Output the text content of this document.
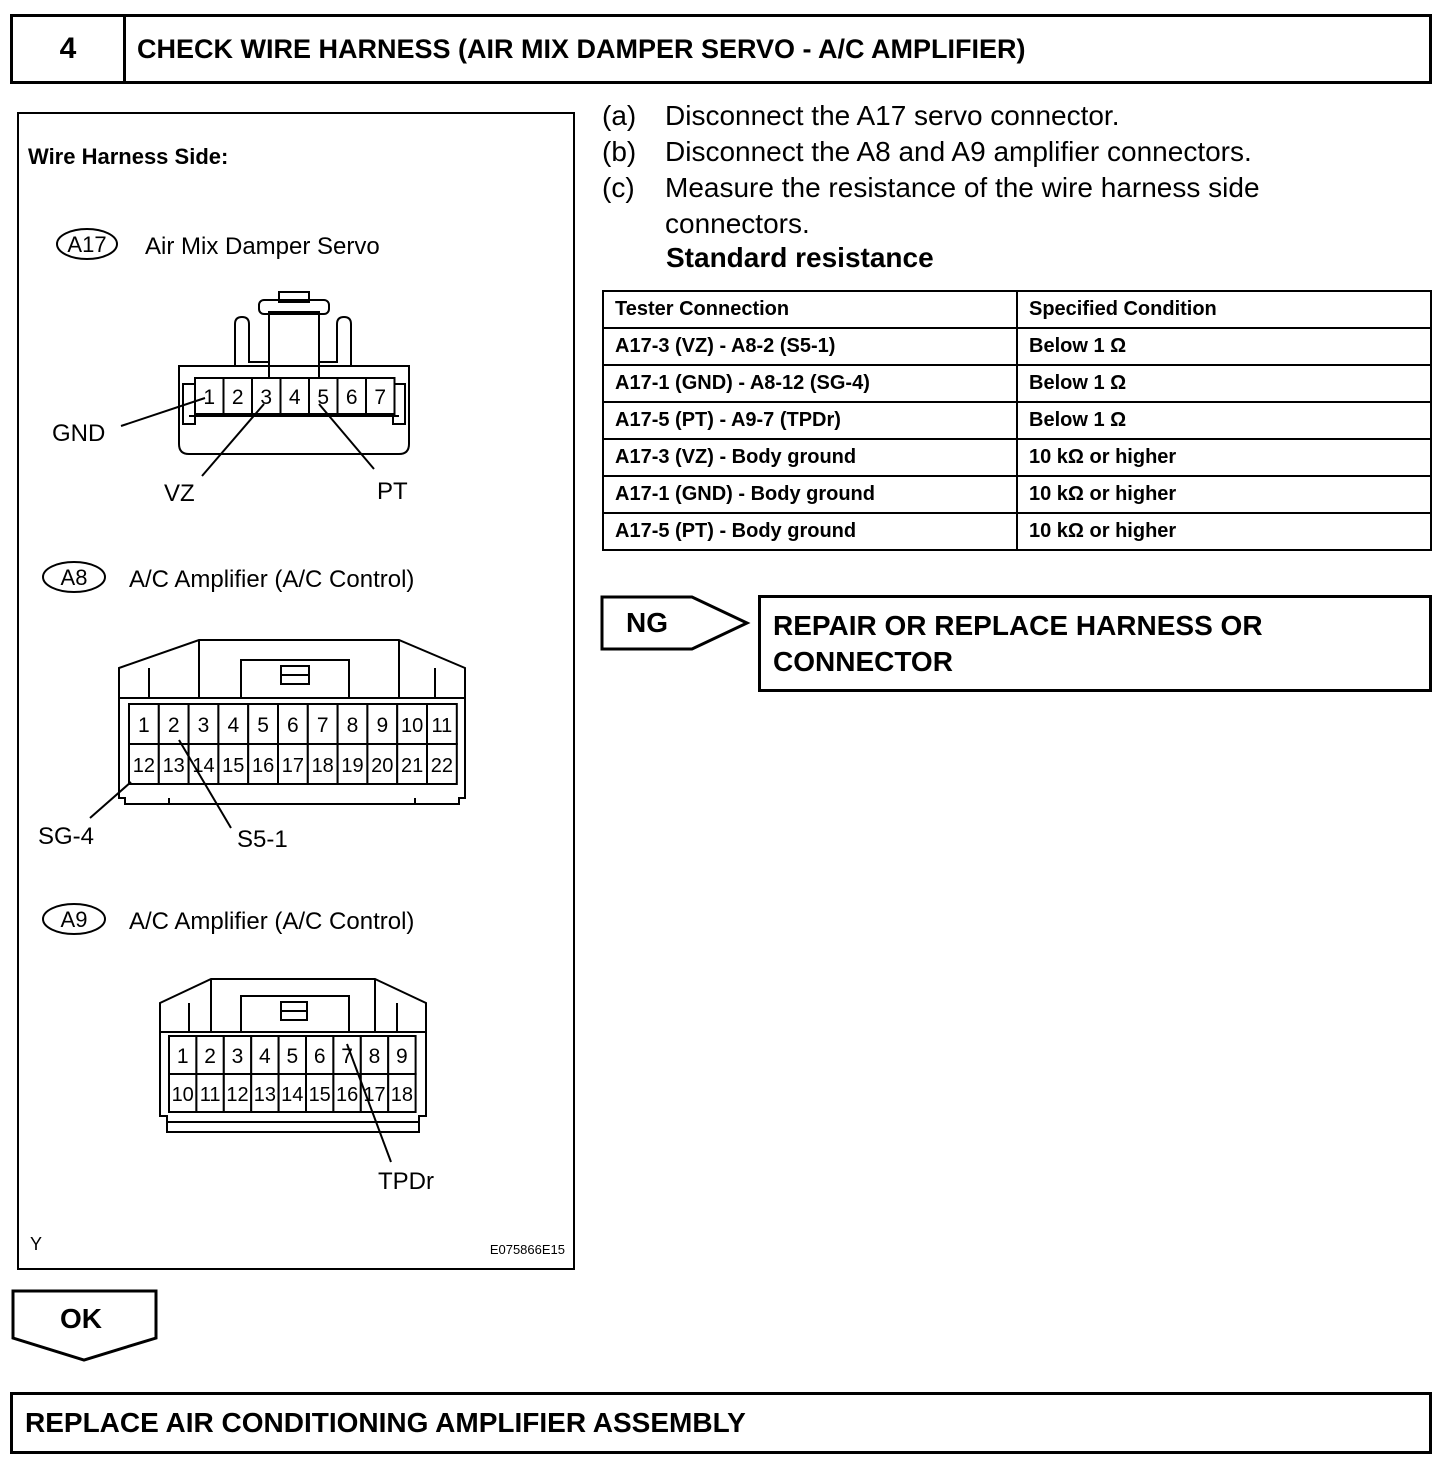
4	CHECK WIRE HARNESS (AIR MIX DAMPER SERVO - A/C AMPLIFIER)
Wire Harness Side:
A17 Air Mix Damper Servo
1 2 3 4 5 6 7
GND
VZ	PT
A8 A/C Amplifier (A/C Control)
1 2 3 4 5 6 7 8 9 10 11
12 13 14 15 16 17 18 19 20 21 22
SG-4	S5-1
A9 A/C Amplifier (A/C Control)
1 2 3 4 5 6 7 8 9
10 11 12 13 14 15 16 17 18
TPDr
Y	E075866E15
(a) Disconnect the A17 servo connector.
(b) Disconnect the A8 and A9 amplifier connectors.
(c) Measure the resistance of the wire harness side
connectors.
Standard resistance
Tester Connection	Specified Condition
A17-3 (VZ) - A8-2 (S5-1)	Below 1 Ω
A17-1 (GND) - A8-12 (SG-4)	Below 1 Ω
A17-5 (PT) - A9-7 (TPDr)	Below 1 Ω
A17-3 (VZ) - Body ground	10 kΩ or higher
A17-1 (GND) - Body ground	10 kΩ or higher
A17-5 (PT) - Body ground	10 kΩ or higher
NG	REPAIR OR REPLACE HARNESS OR
CONNECTOR
OK
REPLACE AIR CONDITIONING AMPLIFIER ASSEMBLY
